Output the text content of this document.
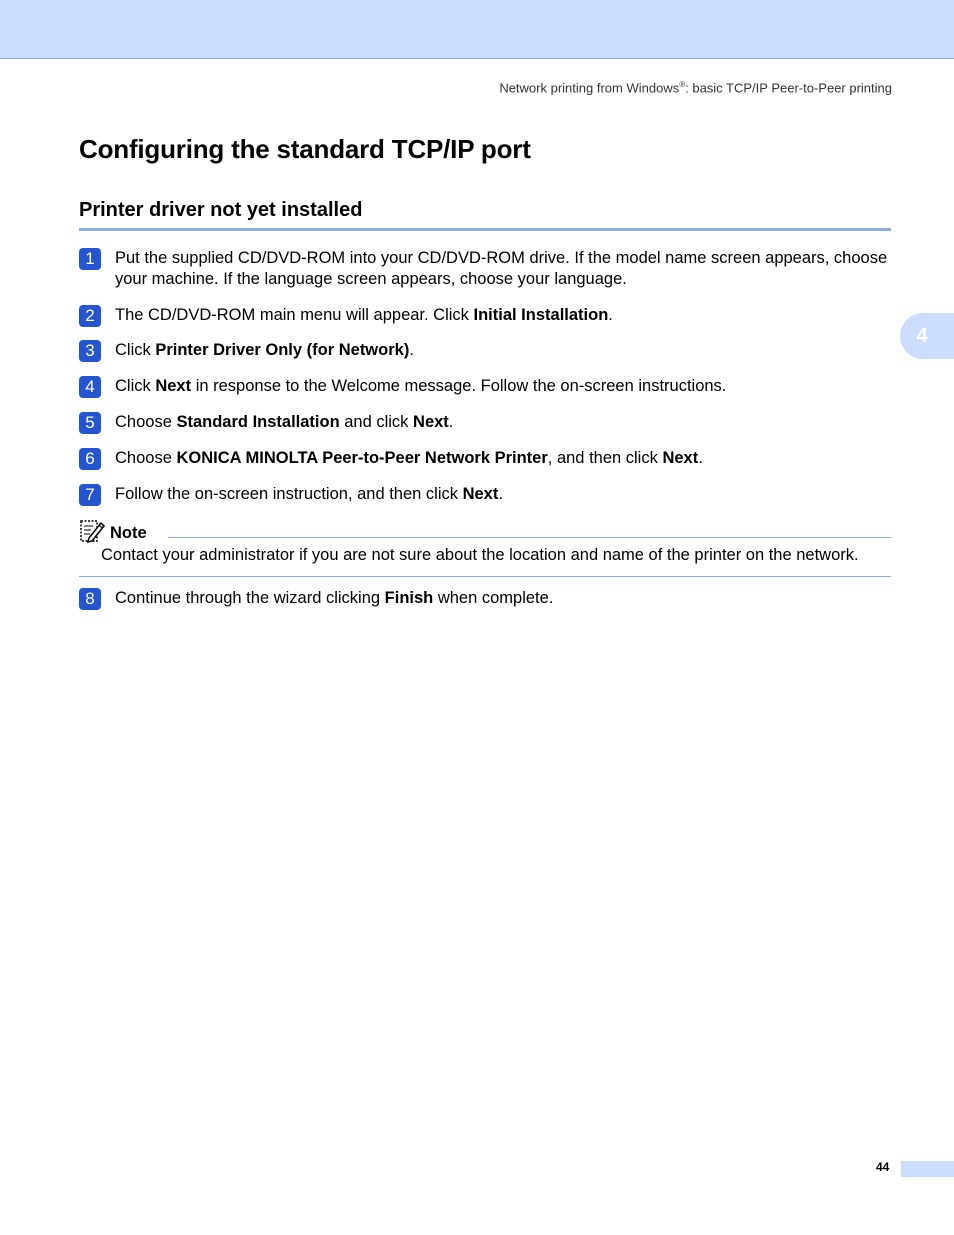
Network printing from Windows®: basic TCP/IP Peer-to-Peer printing
4
Configuring the standard TCP/IP port
Printer driver not yet installed
1	Put the supplied CD/DVD-ROM into your CD/DVD-ROM drive. If the model name screen appears, choose your machine. If the language screen appears, choose your language.
2	The CD/DVD-ROM main menu will appear. Click Initial Installation.
3	Click Printer Driver Only (for Network).
4	Click Next in response to the Welcome message. Follow the on-screen instructions.
5	Choose Standard Installation and click Next.
6	Choose KONICA MINOLTA Peer-to-Peer Network Printer, and then click Next.
7	Follow the on-screen instruction, and then click Next.
8	Continue through the wizard clicking Finish when complete.
Note
Contact your administrator if you are not sure about the location and name of the printer on the network.
44
